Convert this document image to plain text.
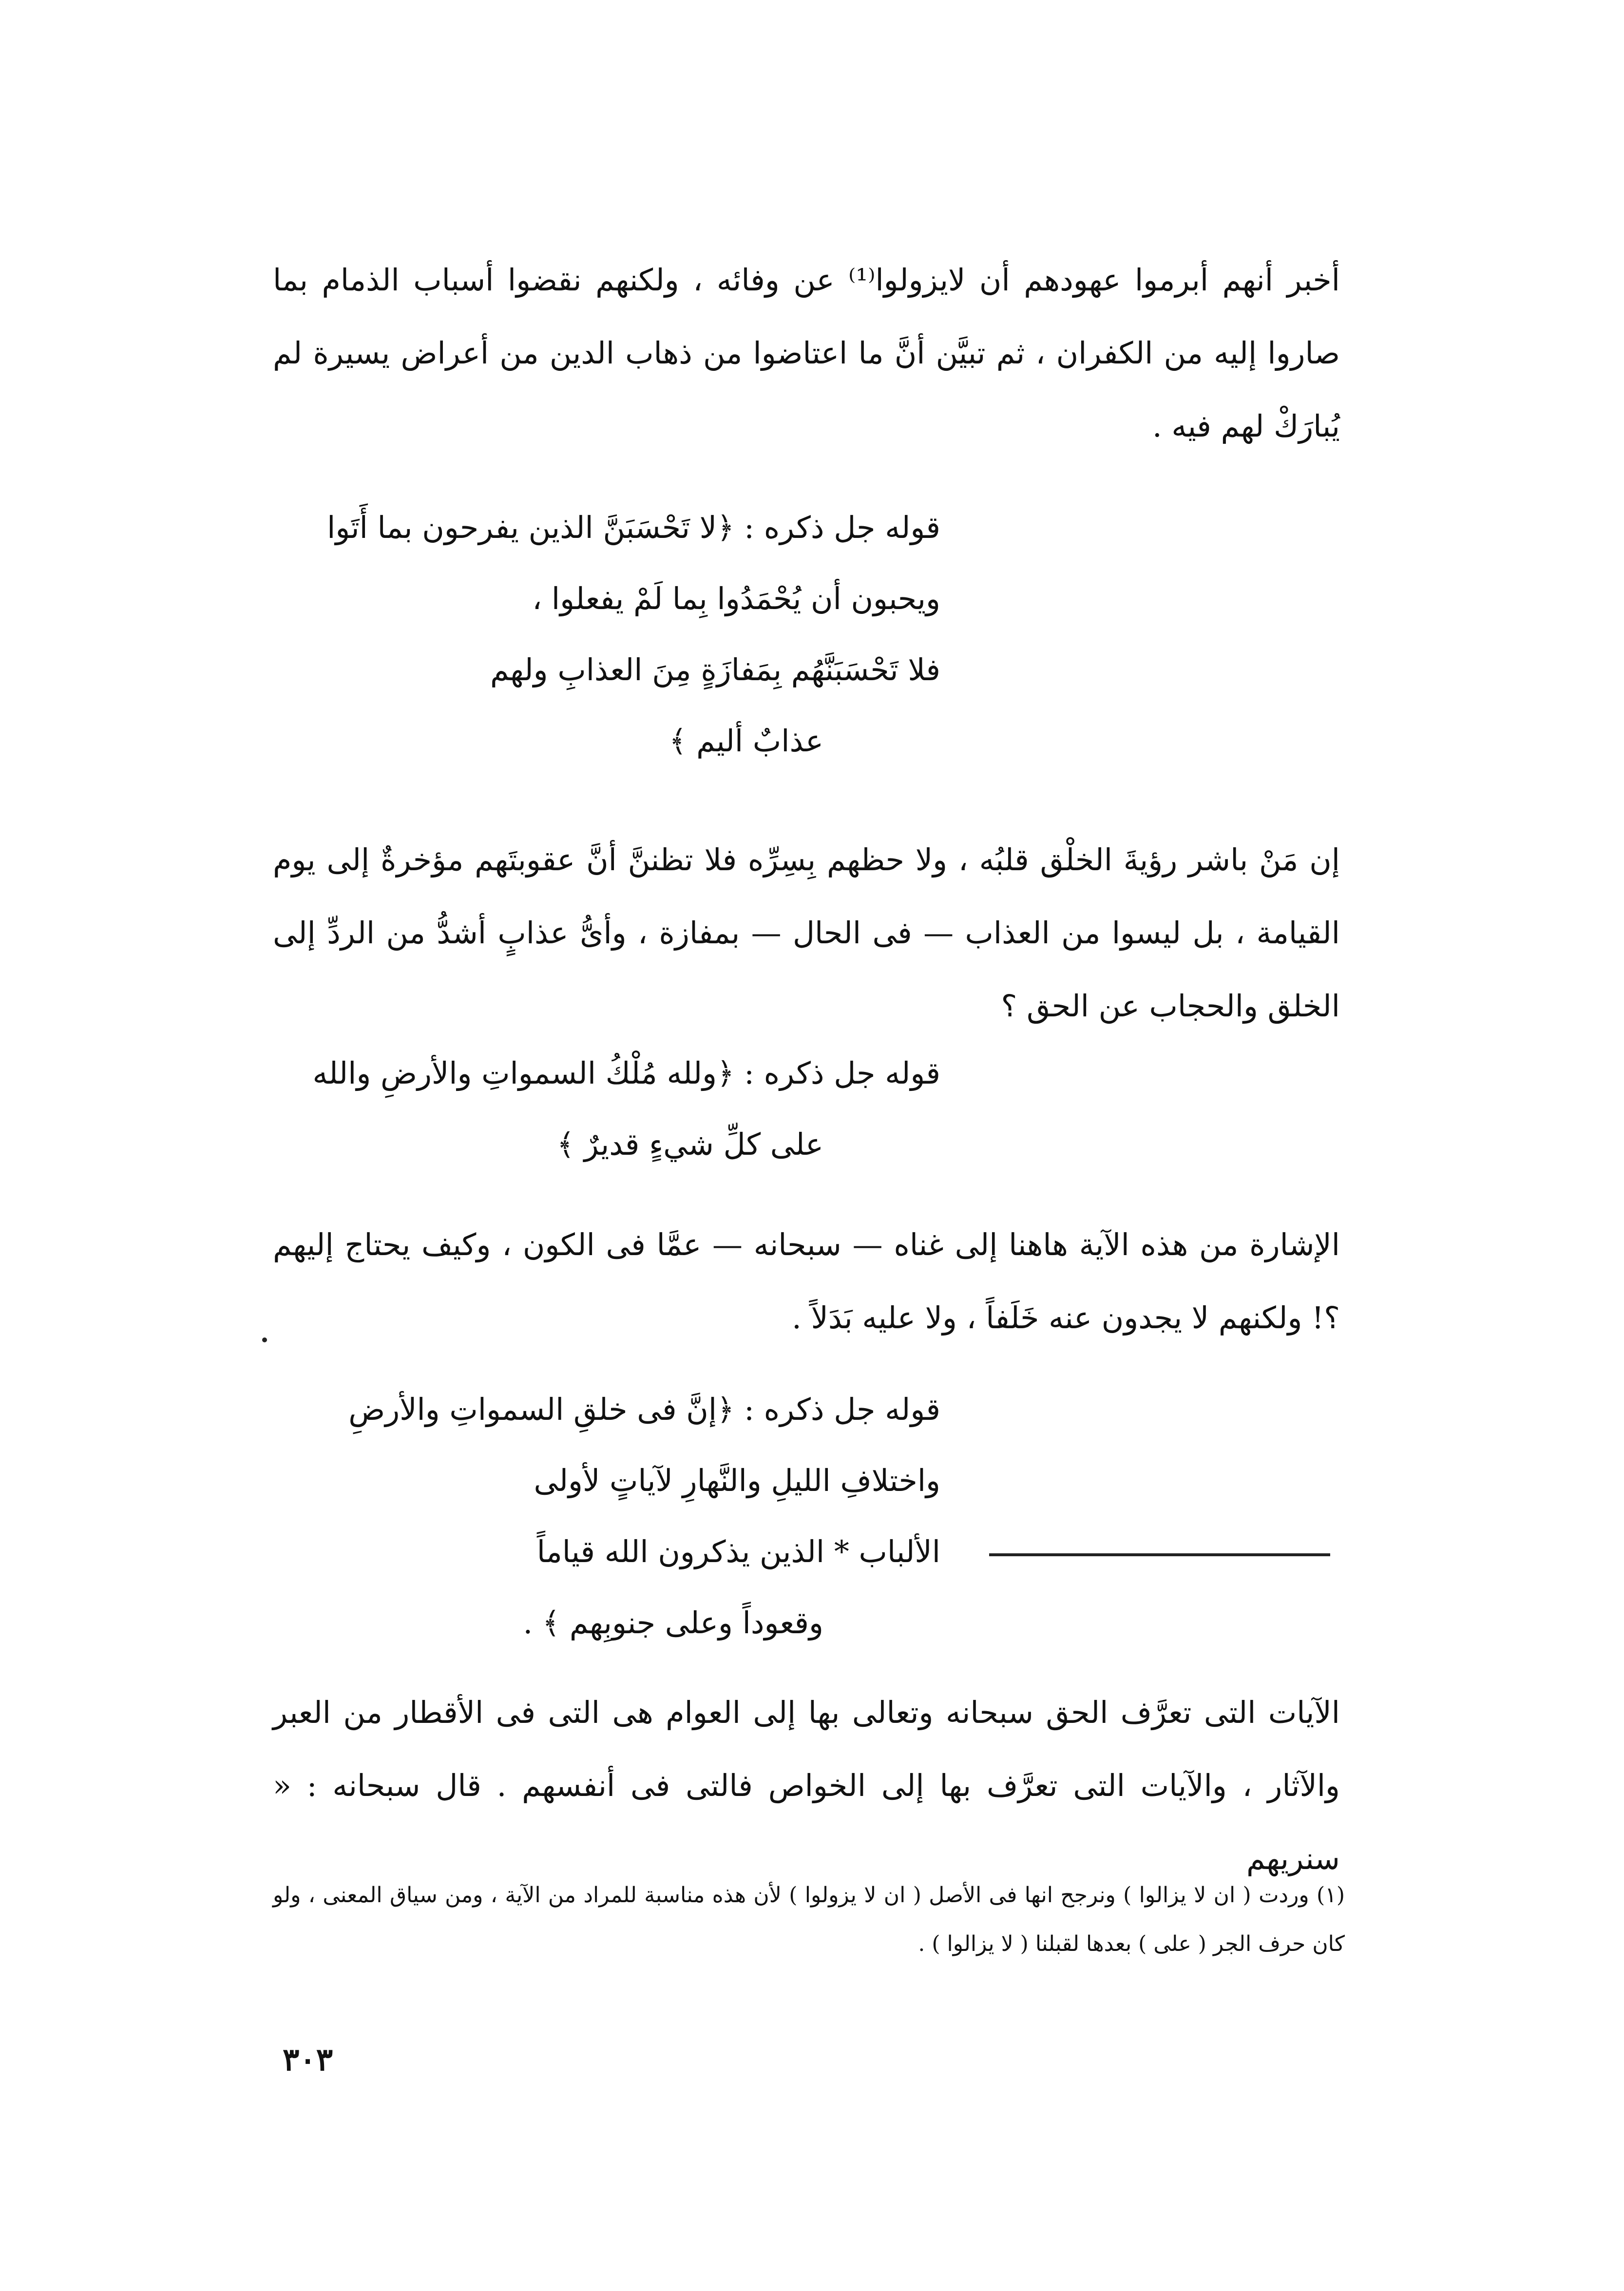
أخبر أنهم أبرموا عهودهم أن لايزولوا⁽¹⁾ عن وفائه ، ولكنهم نقضوا أسباب الذمام بما صاروا إليه من الكفران ، ثم تبيَّن أنَّ ما اعتاضوا من ذهاب الدين من أعراض يسيرة لم يُبارَكْ لهم فيه .

قوله جل ذكره : ﴿لا تَحْسَبَنَّ الذين يفرحون بما أَتَوا
ويحبون أن يُحْمَدُوا بِما لَمْ يفعلوا ،
فلا تَحْسَبَنَّهُم بِمَفازَةٍ مِنَ العذابِ ولهم
عذابٌ أليم ﴾

إن مَنْ باشر رؤيةَ الخلْق قلبُه ، ولا حظهم بِسِرِّه فلا تظننَّ أنَّ عقوبتَهم مؤخرةٌ إلى يوم القيامة ، بل ليسوا من العذاب — فى الحال — بمفازة ، وأىُّ عذابٍ أشدُّ من الردِّ إلى الخلق والحجاب عن الحق ؟

قوله جل ذكره : ﴿ولله مُلْكُ السمواتِ والأرضِ والله
على كلِّ شيءٍ قديرٌ ﴾

الإشارة من هذه الآية هاهنا إلى غناه — سبحانه — عمَّا فى الكون ، وكيف يحتاج إليهم ؟! ولكنهم لا يجدون عنه خَلَفاً ، ولا عليه بَدَلاً .

قوله جل ذكره : ﴿إنَّ فى خلقِ السمواتِ والأرضِ
واختلافِ الليلِ والنَّهارِ لآياتٍ لأولى
الألباب * الذين يذكرون الله قياماً
وقعوداً وعلى جنوبِهم ﴾ .

الآيات التى تعرَّف الحق سبحانه وتعالى بها إلى العوام هى التى فى الأقطار من العبر والآثار ، والآيات التى تعرَّف بها إلى الخواص فالتى فى أنفسهم . قال سبحانه : « سنريهم

(١) وردت ( ان لا يزالوا ) ونرجح انها فى الأصل ( ان لا يزولوا ) لأن هذه مناسبة للمراد من الآية ، ومن سياق المعنى ، ولو كان حرف الجر ( على ) بعدها لقبلنا ( لا يزالوا ) .

٣٠٣
